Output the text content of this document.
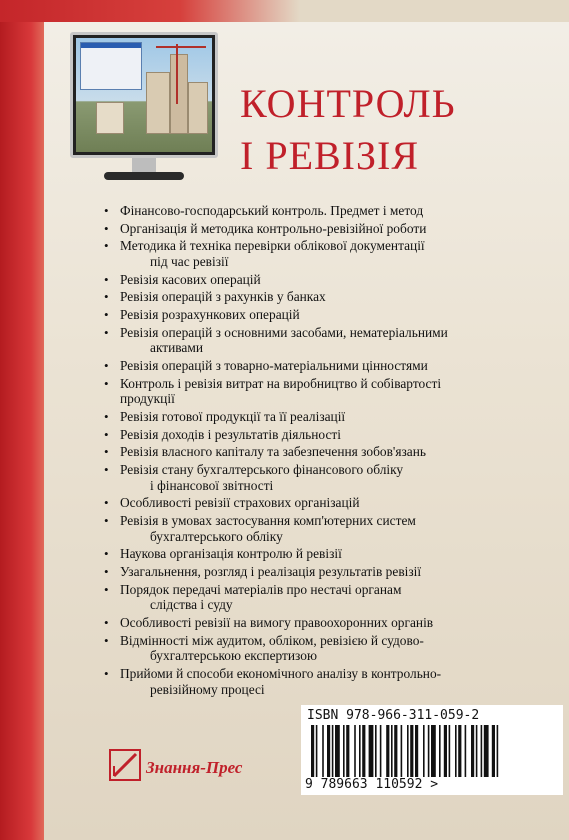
КОНТРОЛЬ
І РЕВІЗІЯ
• Фінансово-господарський контроль. Предмет і метод
• Організація й методика контрольно-ревізійної роботи
• Методика й техніка перевірки облікової документації
під час ревізії
• Ревізія касових операцій
• Ревізія операцій з рахунків у банках
• Ревізія розрахункових операцій
• Ревізія операцій з основними засобами, нематеріальними
активами
• Ревізія операцій з товарно-матеріальними цінностями
• Контроль і ревізія витрат на виробництво й собівартості
продукції
• Ревізія готової продукції та її реалізації
• Ревізія доходів і результатів діяльності
• Ревізія власного капіталу та забезпечення зобов'язань
• Ревізія стану бухгалтерського фінансового обліку
і фінансової звітності
• Особливості ревізії страхових організацій
• Ревізія в умовах застосування комп'ютерних систем
бухгалтерського обліку
• Наукова організація контролю й ревізії
• Узагальнення, розгляд і реалізація результатів ревізії
• Порядок передачі матеріалів про нестачі органам
слідства і суду
• Особливості ревізії на вимогу правоохоронних органів
• Відмінності між аудитом, обліком, ревізією й судово-
бухгалтерською експертизою
• Прийоми й способи економічного аналізу в контрольно-
ревізійному процесі
Знання-Прес
ISBN 978-966-311-059-2
9 789663 110592 >
